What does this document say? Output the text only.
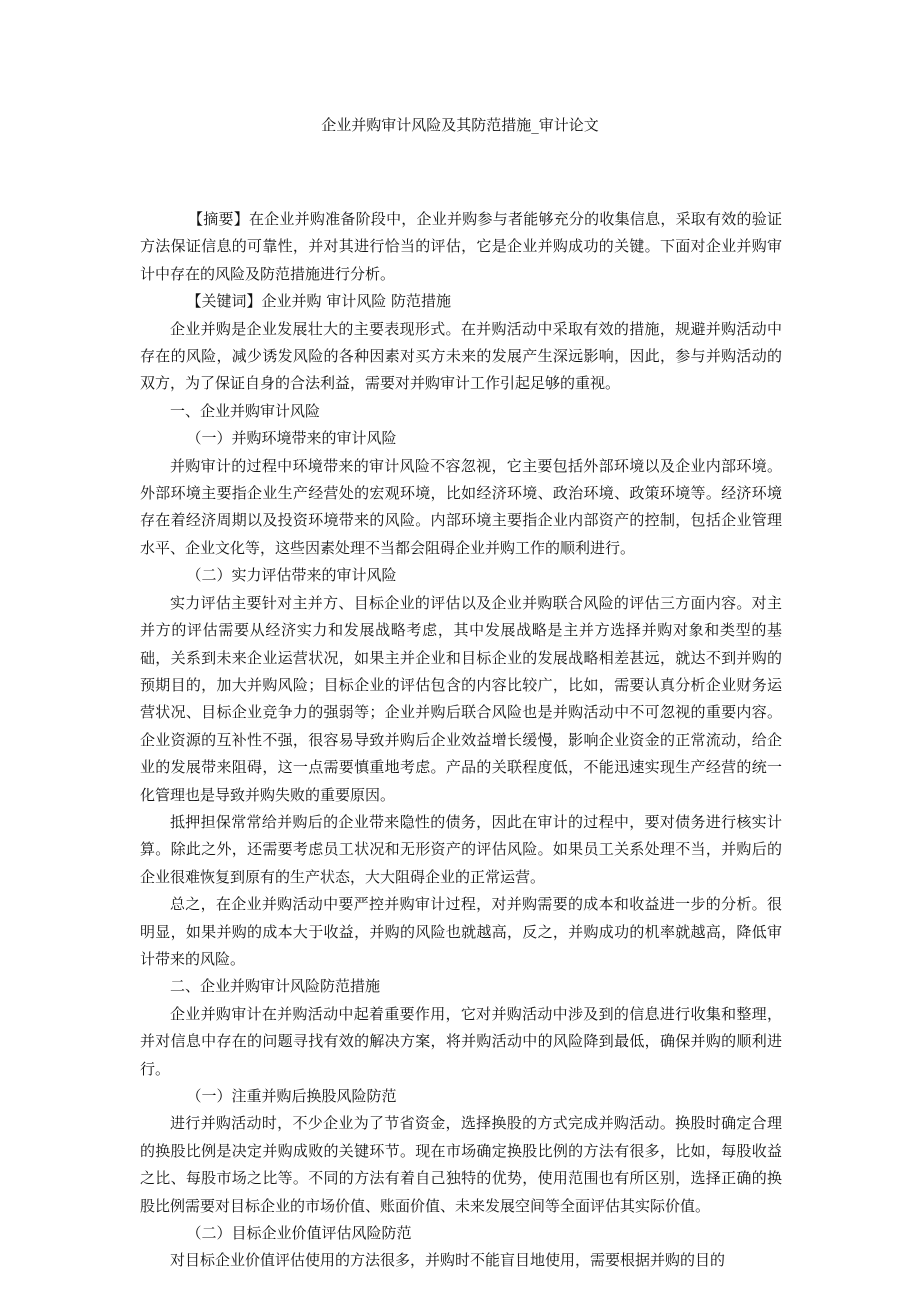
企业并购审计风险及其防范措施_审计论文

【摘要】在企业并购准备阶段中，企业并购参与者能够充分的收集信息，采取有效的验证方法保证信息的可靠性，并对其进行恰当的评估，它是企业并购成功的关键。下面对企业并购审计中存在的风险及防范措施进行分析。

【关键词】企业并购 审计风险 防范措施

企业并购是企业发展壮大的主要表现形式。在并购活动中采取有效的措施，规避并购活动中存在的风险，减少诱发风险的各种因素对买方未来的发展产生深远影响，因此，参与并购活动的双方，为了保证自身的合法利益，需要对并购审计工作引起足够的重视。

一、企业并购审计风险

（一）并购环境带来的审计风险

并购审计的过程中环境带来的审计风险不容忽视，它主要包括外部环境以及企业内部环境。外部环境主要指企业生产经营处的宏观环境，比如经济环境、政治环境、政策环境等。经济环境存在着经济周期以及投资环境带来的风险。内部环境主要指企业内部资产的控制，包括企业管理水平、企业文化等，这些因素处理不当都会阻碍企业并购工作的顺利进行。

（二）实力评估带来的审计风险

实力评估主要针对主并方、目标企业的评估以及企业并购联合风险的评估三方面内容。对主并方的评估需要从经济实力和发展战略考虑，其中发展战略是主并方选择并购对象和类型的基础，关系到未来企业运营状况，如果主并企业和目标企业的发展战略相差甚远，就达不到并购的预期目的，加大并购风险；目标企业的评估包含的内容比较广，比如，需要认真分析企业财务运营状况、目标企业竞争力的强弱等；企业并购后联合风险也是并购活动中不可忽视的重要内容。企业资源的互补性不强，很容易导致并购后企业效益增长缓慢，影响企业资金的正常流动，给企业的发展带来阻碍，这一点需要慎重地考虑。产品的关联程度低，不能迅速实现生产经营的统一化管理也是导致并购失败的重要原因。

抵押担保常常给并购后的企业带来隐性的债务，因此在审计的过程中，要对债务进行核实计算。除此之外，还需要考虑员工状况和无形资产的评估风险。如果员工关系处理不当，并购后的企业很难恢复到原有的生产状态，大大阻碍企业的正常运营。

总之，在企业并购活动中要严控并购审计过程，对并购需要的成本和收益进一步的分析。很明显，如果并购的成本大于收益，并购的风险也就越高，反之，并购成功的机率就越高，降低审计带来的风险。

二、企业并购审计风险防范措施

企业并购审计在并购活动中起着重要作用，它对并购活动中涉及到的信息进行收集和整理，并对信息中存在的问题寻找有效的解决方案，将并购活动中的风险降到最低，确保并购的顺利进行。

（一）注重并购后换股风险防范

进行并购活动时，不少企业为了节省资金，选择换股的方式完成并购活动。换股时确定合理的换股比例是决定并购成败的关键环节。现在市场确定换股比例的方法有很多，比如，每股收益之比、每股市场之比等。不同的方法有着自己独特的优势，使用范围也有所区别，选择正确的换股比例需要对目标企业的市场价值、账面价值、未来发展空间等全面评估其实际价值。

（二）目标企业价值评估风险防范

对目标企业价值评估使用的方法很多，并购时不能盲目地使用，需要根据并购的目的
